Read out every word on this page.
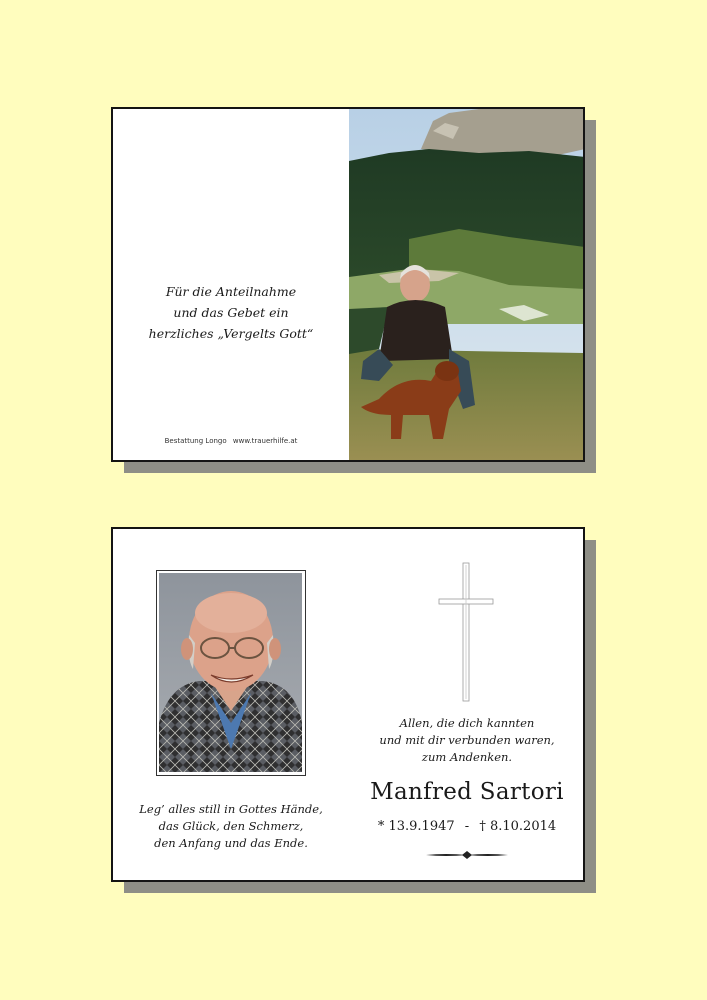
Für die Anteilnahme
und das Gebet ein
herzliches „Vergelts Gott“
Bestattung Longo www.trauerhilfe.at
Leg’ alles still in Gottes Hände,
das Glück, den Schmerz,
den Anfang und das Ende.
Allen, die dich kannten
und mit dir verbunden waren,
zum Andenken.
Manfred Sartori
* 13.9.1947 - † 8.10.2014
